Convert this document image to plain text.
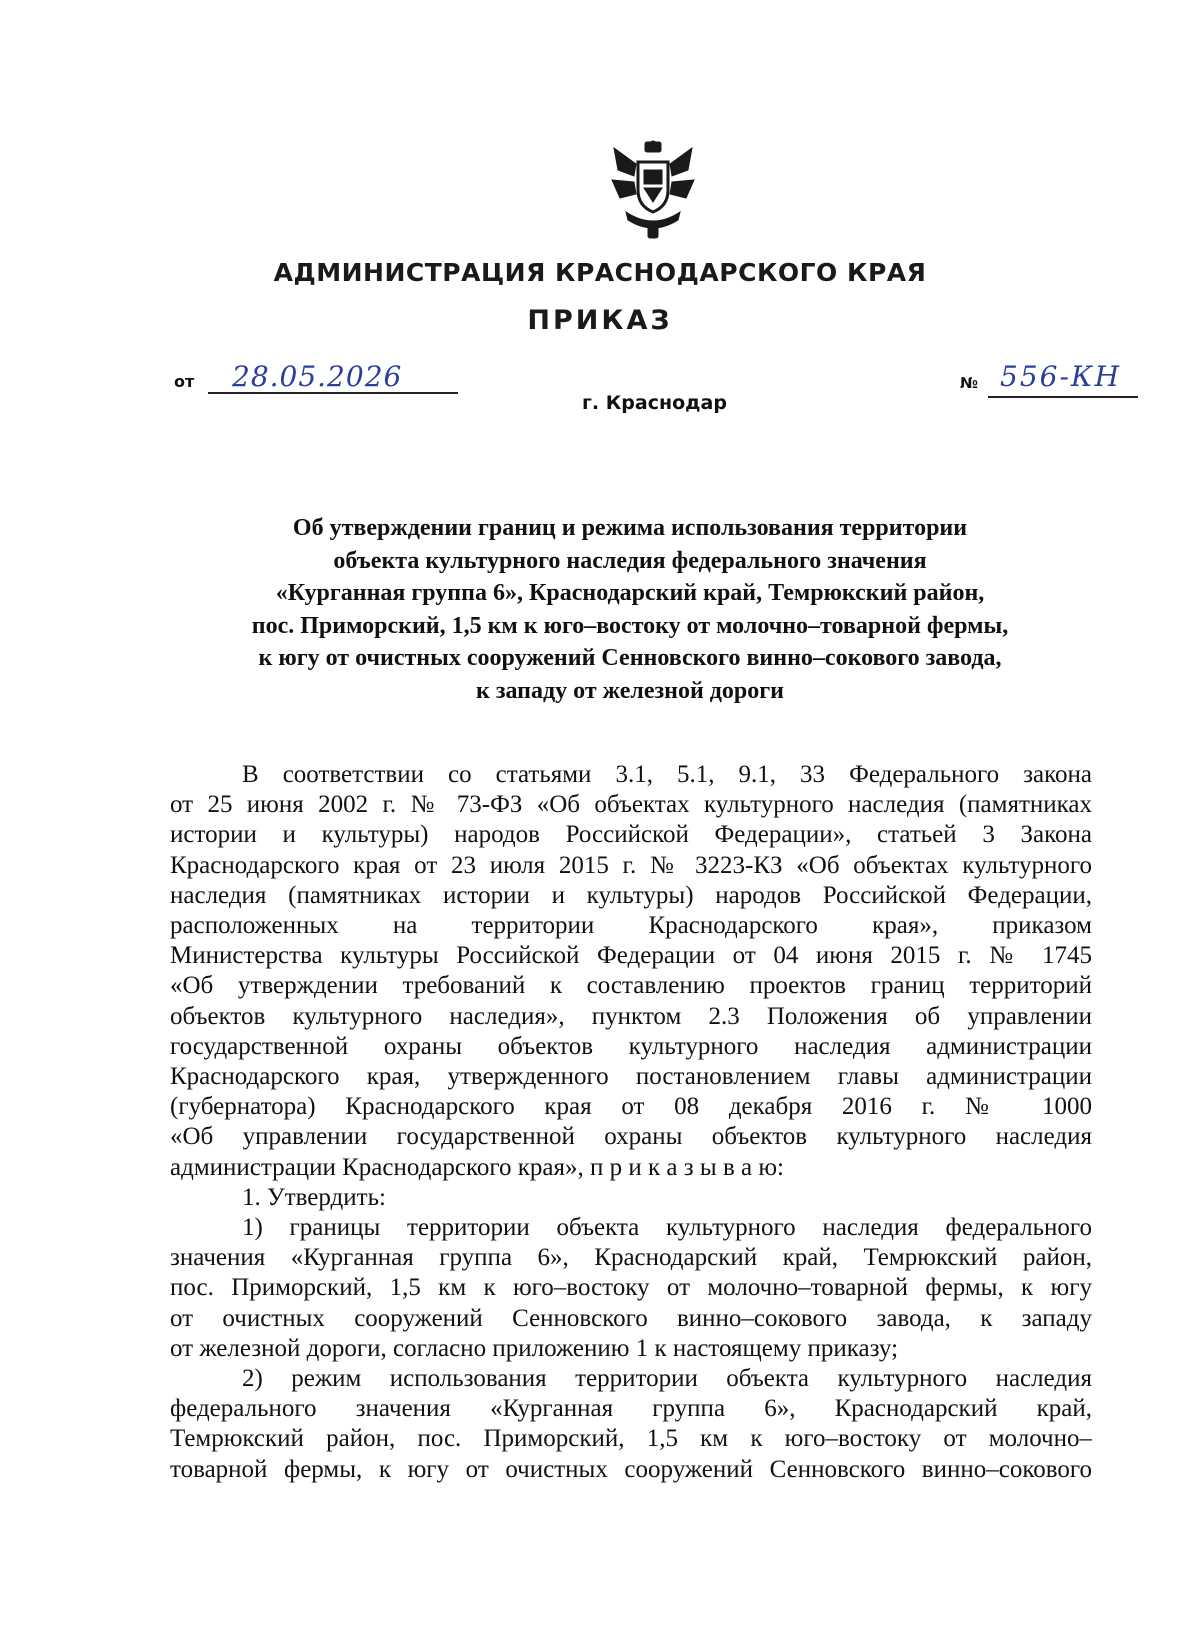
АДМИНИСТРАЦИЯ КРАСНОДАРСКОГО КРАЯ
ПРИКАЗ
от 28.05.2026
г. Краснодар
№ 556-КН
Об утверждении границ и режима использования территории
объекта культурного наследия федерального значения
«Курганная группа 6», Краснодарский край, Темрюкский район,
пос. Приморский, 1,5 км к юго–востоку от молочно–товарной фермы,
к югу от очистных сооружений Сенновского винно–сокового завода,
к западу от железной дороги
В соответствии со статьями 3.1, 5.1, 9.1, 33 Федерального закона
от 25 июня 2002 г. № 73-ФЗ «Об объектах культурного наследия (памятниках
истории и культуры) народов Российской Федерации», статьей 3 Закона
Краснодарского края от 23 июля 2015 г. № 3223-КЗ «Об объектах культурного
наследия (памятниках истории и культуры) народов Российской Федерации,
расположенных на территории Краснодарского края», приказом
Министерства культуры Российской Федерации от 04 июня 2015 г. № 1745
«Об утверждении требований к составлению проектов границ территорий
объектов культурного наследия», пунктом 2.3 Положения об управлении
государственной охраны объектов культурного наследия администрации
Краснодарского края, утвержденного постановлением главы администрации
(губернатора) Краснодарского края от 08 декабря 2016 г. № 1000
«Об управлении государственной охраны объектов культурного наследия
администрации Краснодарского края», п р и к а з ы в а ю:
1. Утвердить:
1) границы территории объекта культурного наследия федерального
значения «Курганная группа 6», Краснодарский край, Темрюкский район,
пос. Приморский, 1,5 км к юго–востоку от молочно–товарной фермы, к югу
от очистных сооружений Сенновского винно–сокового завода, к западу
от железной дороги, согласно приложению 1 к настоящему приказу;
2) режим использования территории объекта культурного наследия
федерального значения «Курганная группа 6», Краснодарский край,
Темрюкский район, пос. Приморский, 1,5 км к юго–востоку от молочно–
товарной фермы, к югу от очистных сооружений Сенновского винно–сокового
